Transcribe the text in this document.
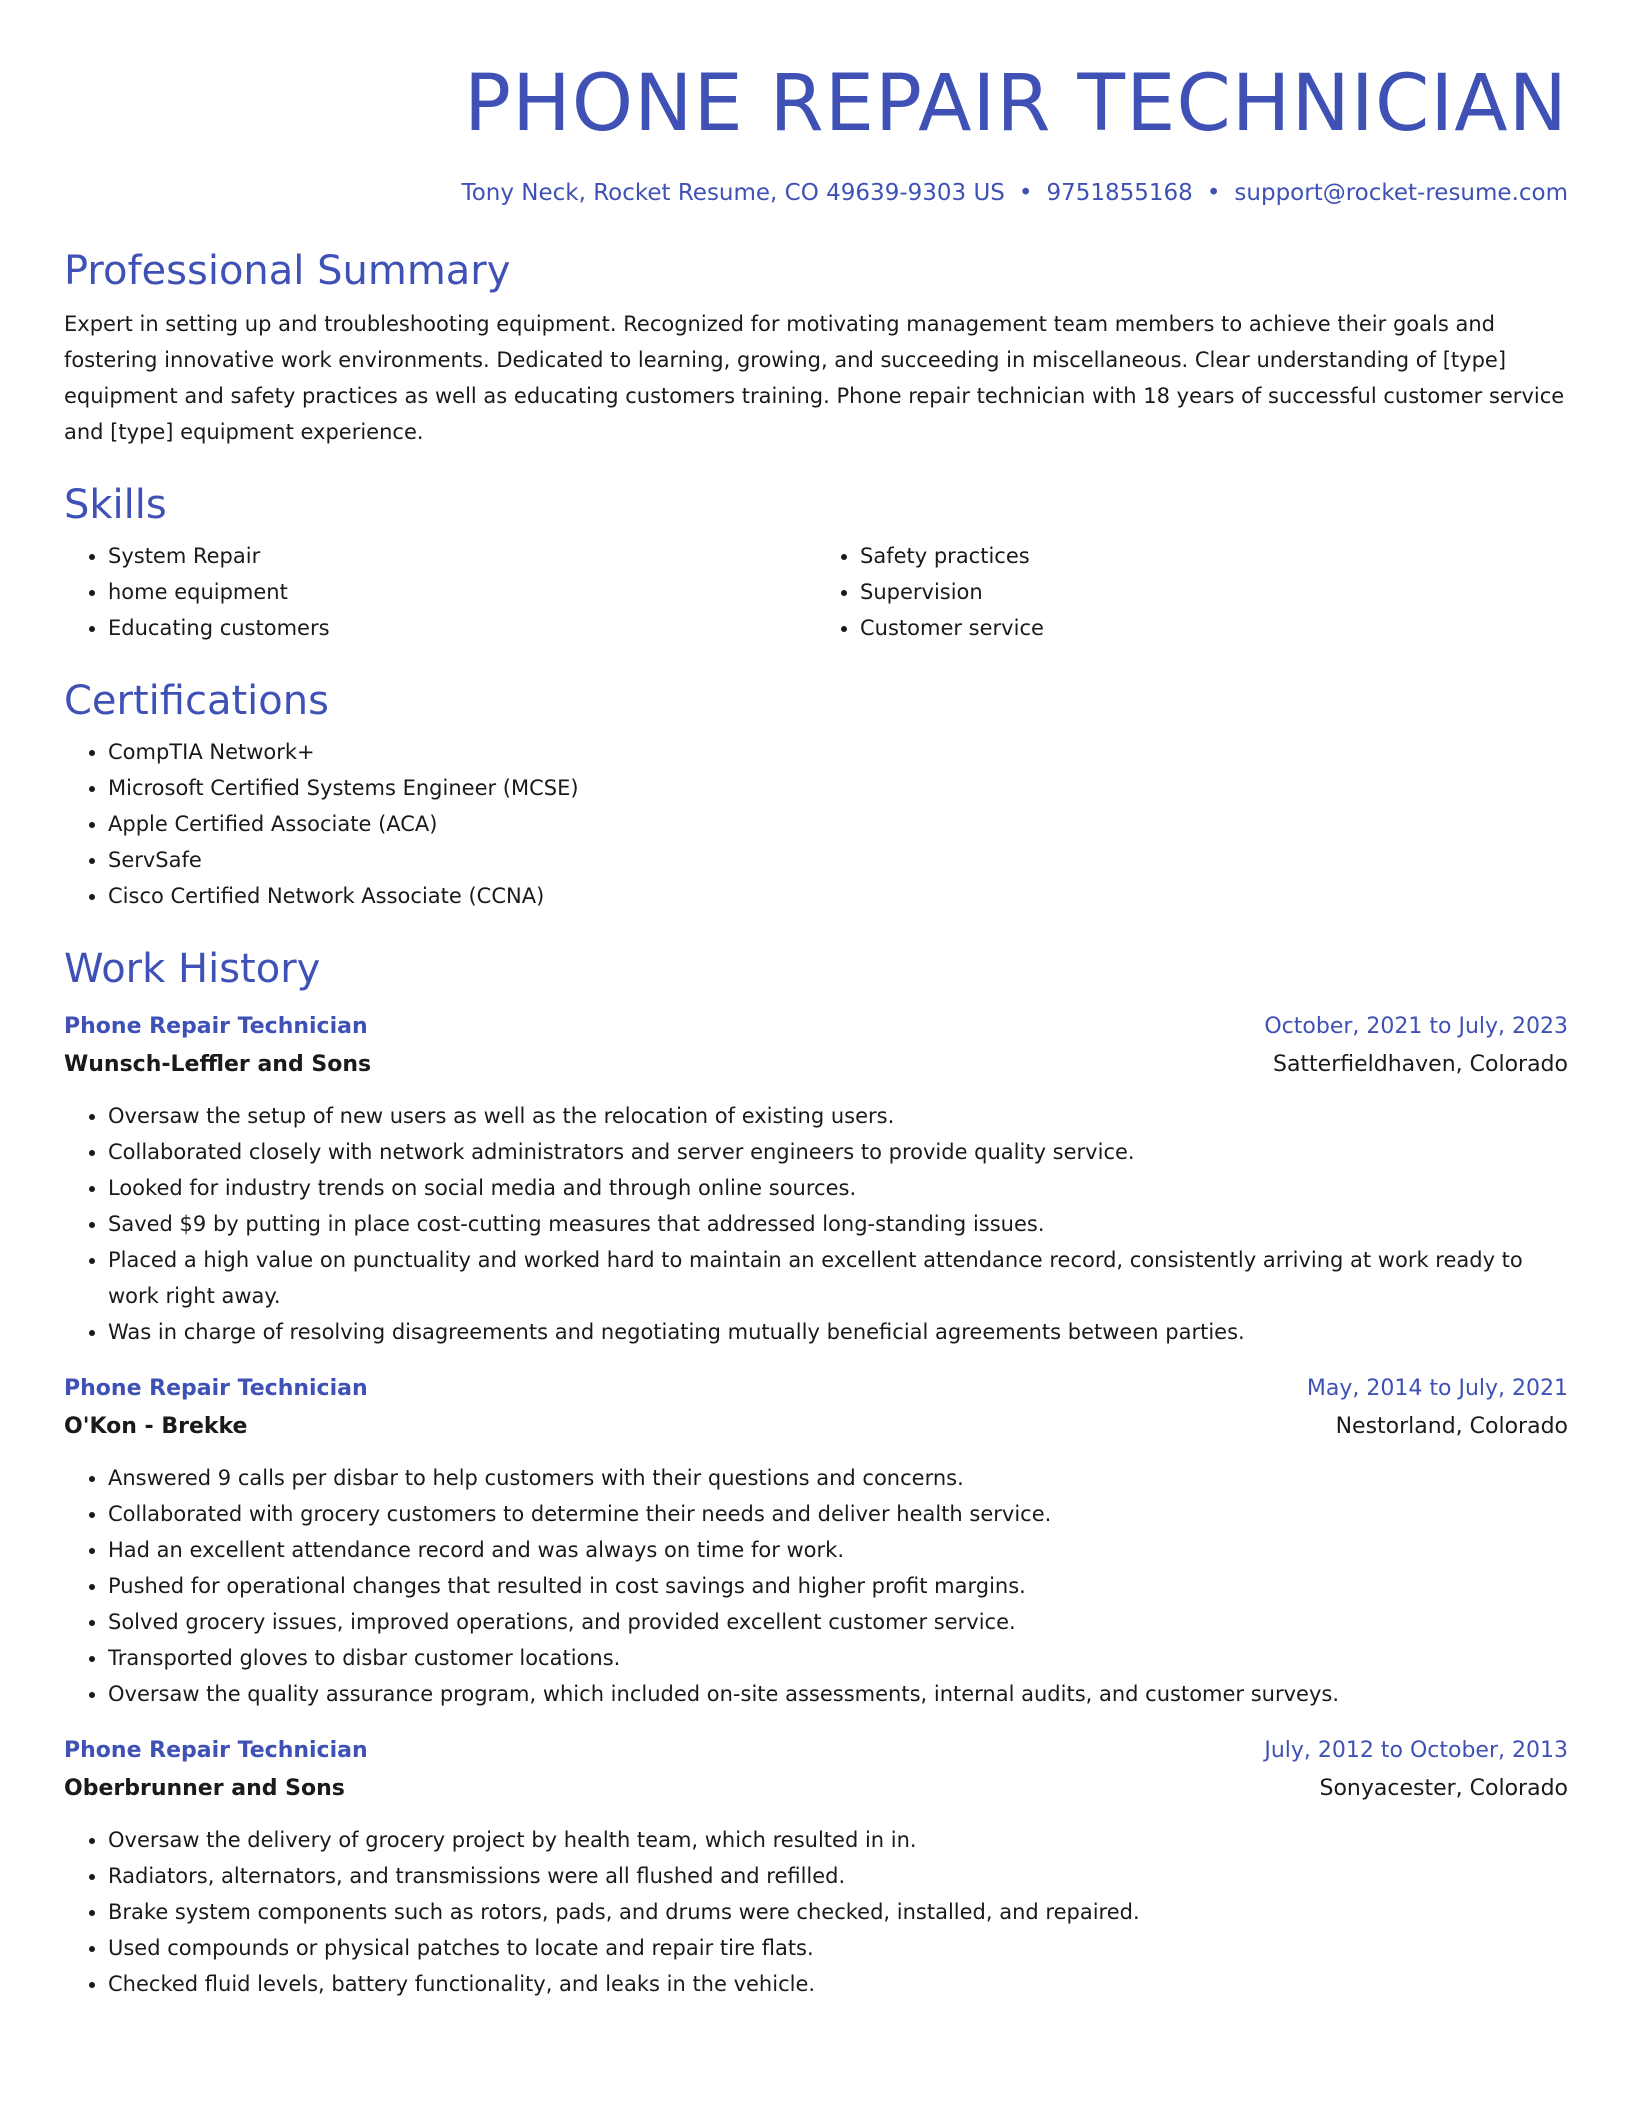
PHONE REPAIR TECHNICIAN
Tony Neck, Rocket Resume, CO 49639-9303 US • 9751855168 • support@rocket-resume.com
Professional Summary

Expert in setting up and troubleshooting equipment. Recognized for motivating management team members to achieve their goals and fostering innovative work environments. Dedicated to learning, growing, and succeeding in miscellaneous. Clear understanding of [type] equipment and safety practices as well as educating customers training. Phone repair technician with 18 years of successful customer service and [type] equipment experience.

Skills
• System Repair
• home equipment
• Educating customers
• Safety practices
• Supervision
• Customer service
Certifications
• CompTIA Network+
• Microsoft Certified Systems Engineer (MCSE)
• Apple Certified Associate (ACA)
• ServSafe
• Cisco Certified Network Associate (CCNA)
Work History
Phone Repair Technician	October, 2021 to July, 2023
Wunsch-Leffler and Sons	Satterfieldhaven, Colorado
• Oversaw the setup of new users as well as the relocation of existing users.
• Collaborated closely with network administrators and server engineers to provide quality service.
• Looked for industry trends on social media and through online sources.
• Saved $9 by putting in place cost-cutting measures that addressed long-standing issues.
• Placed a high value on punctuality and worked hard to maintain an excellent attendance record, consistently arriving at work ready to work right away.
• Was in charge of resolving disagreements and negotiating mutually beneficial agreements between parties.
Phone Repair Technician	May, 2014 to July, 2021
O'Kon - Brekke	Nestorland, Colorado
• Answered 9 calls per disbar to help customers with their questions and concerns.
• Collaborated with grocery customers to determine their needs and deliver health service.
• Had an excellent attendance record and was always on time for work.
• Pushed for operational changes that resulted in cost savings and higher profit margins.
• Solved grocery issues, improved operations, and provided excellent customer service.
• Transported gloves to disbar customer locations.
• Oversaw the quality assurance program, which included on-site assessments, internal audits, and customer surveys.
Phone Repair Technician	July, 2012 to October, 2013
Oberbrunner and Sons	Sonyacester, Colorado
• Oversaw the delivery of grocery project by health team, which resulted in in.
• Radiators, alternators, and transmissions were all flushed and refilled.
• Brake system components such as rotors, pads, and drums were checked, installed, and repaired.
• Used compounds or physical patches to locate and repair tire flats.
• Checked fluid levels, battery functionality, and leaks in the vehicle.
